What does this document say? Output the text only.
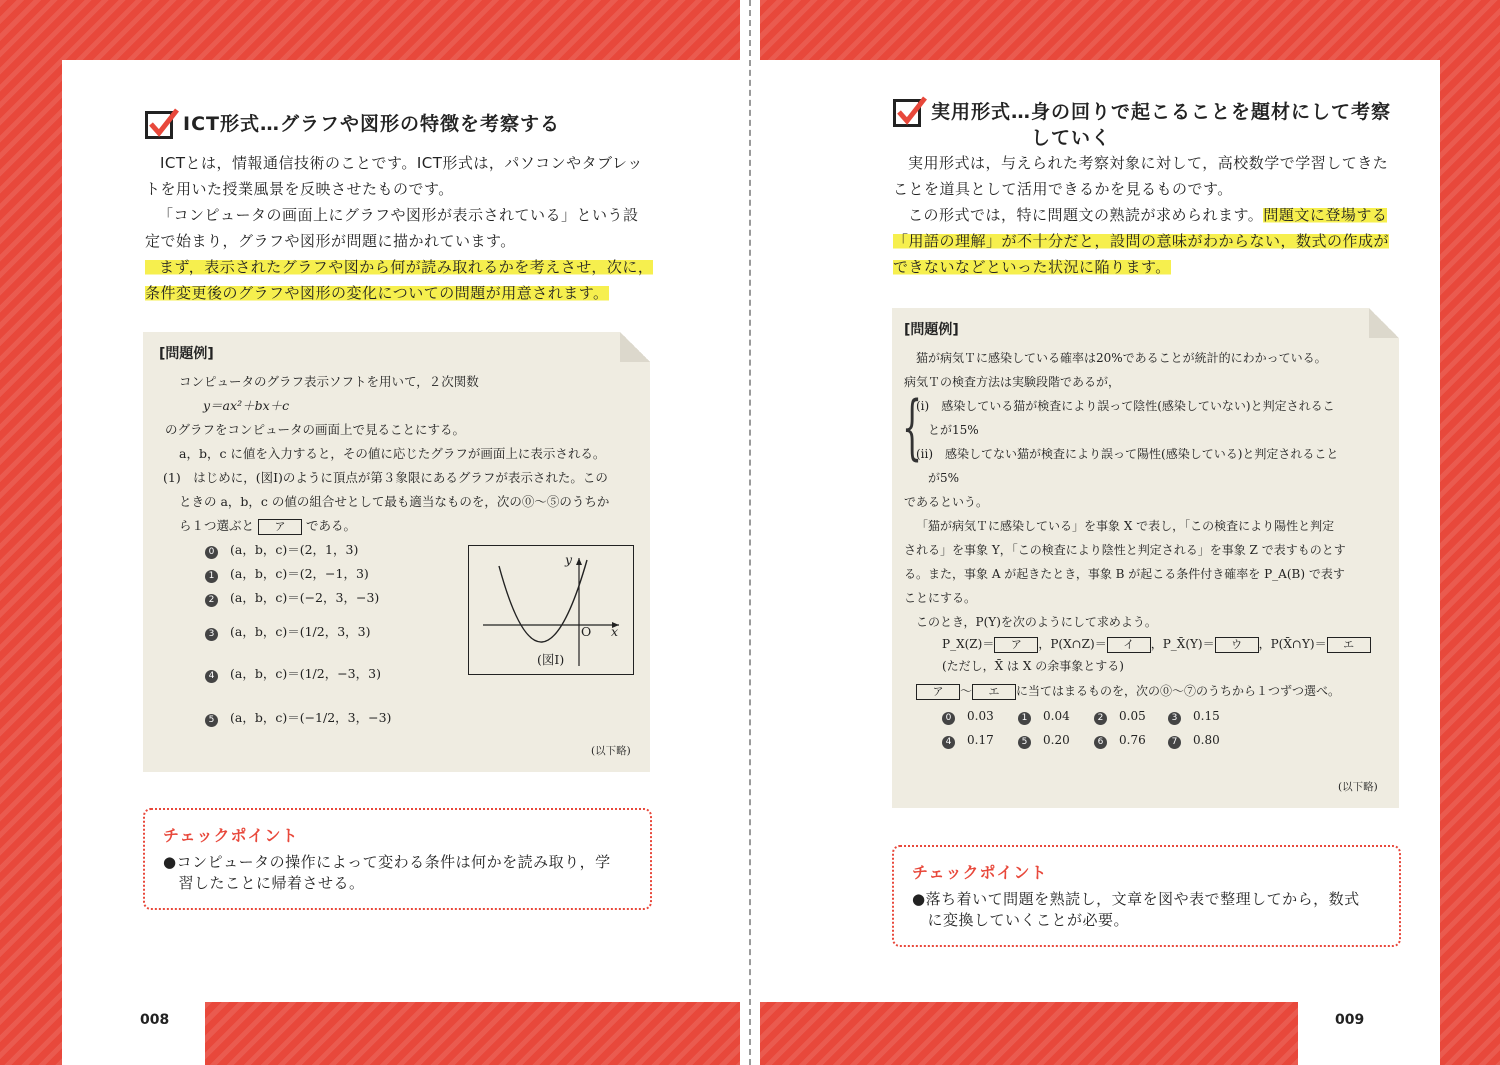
ICT形式…グラフや図形の特徴を考察する

ICTとは，情報通信技術のことです。ICT形式は，パソコンやタブレッ

トを用いた授業風景を反映させたものです。

「コンピュータの画面上にグラフや図形が表示されている」という設

定で始まり，グラフや図形が問題に描かれています。

まず，表示されたグラフや図から何が読み取れるかを考えさせ，次に，

条件変更後のグラフや図形の変化についての問題が用意されます。

[問題例]

コンピュータのグラフ表示ソフトを用いて，２次関数

y＝ax²＋bx＋c

のグラフをコンピュータの画面上で見ることにする。

a，b，c に値を入力すると，その値に応じたグラフが画面上に表示される。

(1)　はじめに，(図Ⅰ)のように頂点が第３象限にあるグラフが表示された。この

ときの a，b，c の値の組合せとして最も適当なものを，次の⓪～⑤のうちか

ら１つ選ぶと ア である。

0 (a，b，c)＝(2，1，3)

1 (a，b，c)＝(2，−1，3)

2 (a，b，c)＝(−2，3，−3)

3 (a，b，c)＝(1/2，3，3)

4 (a，b，c)＝(1/2，−3，3)

5 (a，b，c)＝(−1/2，3，−3)

y
x
O
(図Ⅰ)

(以下略)

チェックポイント

●コンピュータの操作によって変わる条件は何かを読み取り，学

　習したことに帰着させる。

008
実用形式…身の回りで起こることを題材にして考察
していく

実用形式は，与えられた考察対象に対して，高校数学で学習してきた

ことを道具として活用できるかを見るものです。

この形式では，特に問題文の熟読が求められます。問題文に登場する

「用語の理解」が不十分だと，設問の意味がわからない，数式の作成が

できないなどといった状況に陥ります。

[問題例]

猫が病気Ｔに感染している確率は20%であることが統計的にわかっている。

病気Ｔの検査方法は実験段階であるが，

{

(i)　感染している猫が検査により誤って陰性(感染していない)と判定されるこ

　とが15%

(ii)　感染してない猫が検査により誤って陽性(感染している)と判定されること

　が5%

であるという。

「猫が病気Ｔに感染している」を事象 X で表し，「この検査により陽性と判定

される」を事象 Y，「この検査により陰性と判定される」を事象 Z で表すものとす

る。また，事象 A が起きたとき，事象 B が起こる条件付き確率を P_A(B) で表す

ことにする。

このとき，P(Y)を次のようにして求めよう。

P_X(Z)＝ ア ，P(X∩Z)＝ イ ，P_X̄(Y)＝ ウ ，P(X̄∩Y)＝ エ

(ただし，X̄ は X の余事象とする)

ア ～ エ に当てはまるものを，次の⓪～⑦のうちから１つずつ選べ。

0 0.03	1 0.04	2 0.05	3 0.15

4 0.17	5 0.20	6 0.76	7 0.80

(以下略)

チェックポイント

●落ち着いて問題を熟読し，文章を図や表で整理してから，数式

　に変換していくことが必要。

009
